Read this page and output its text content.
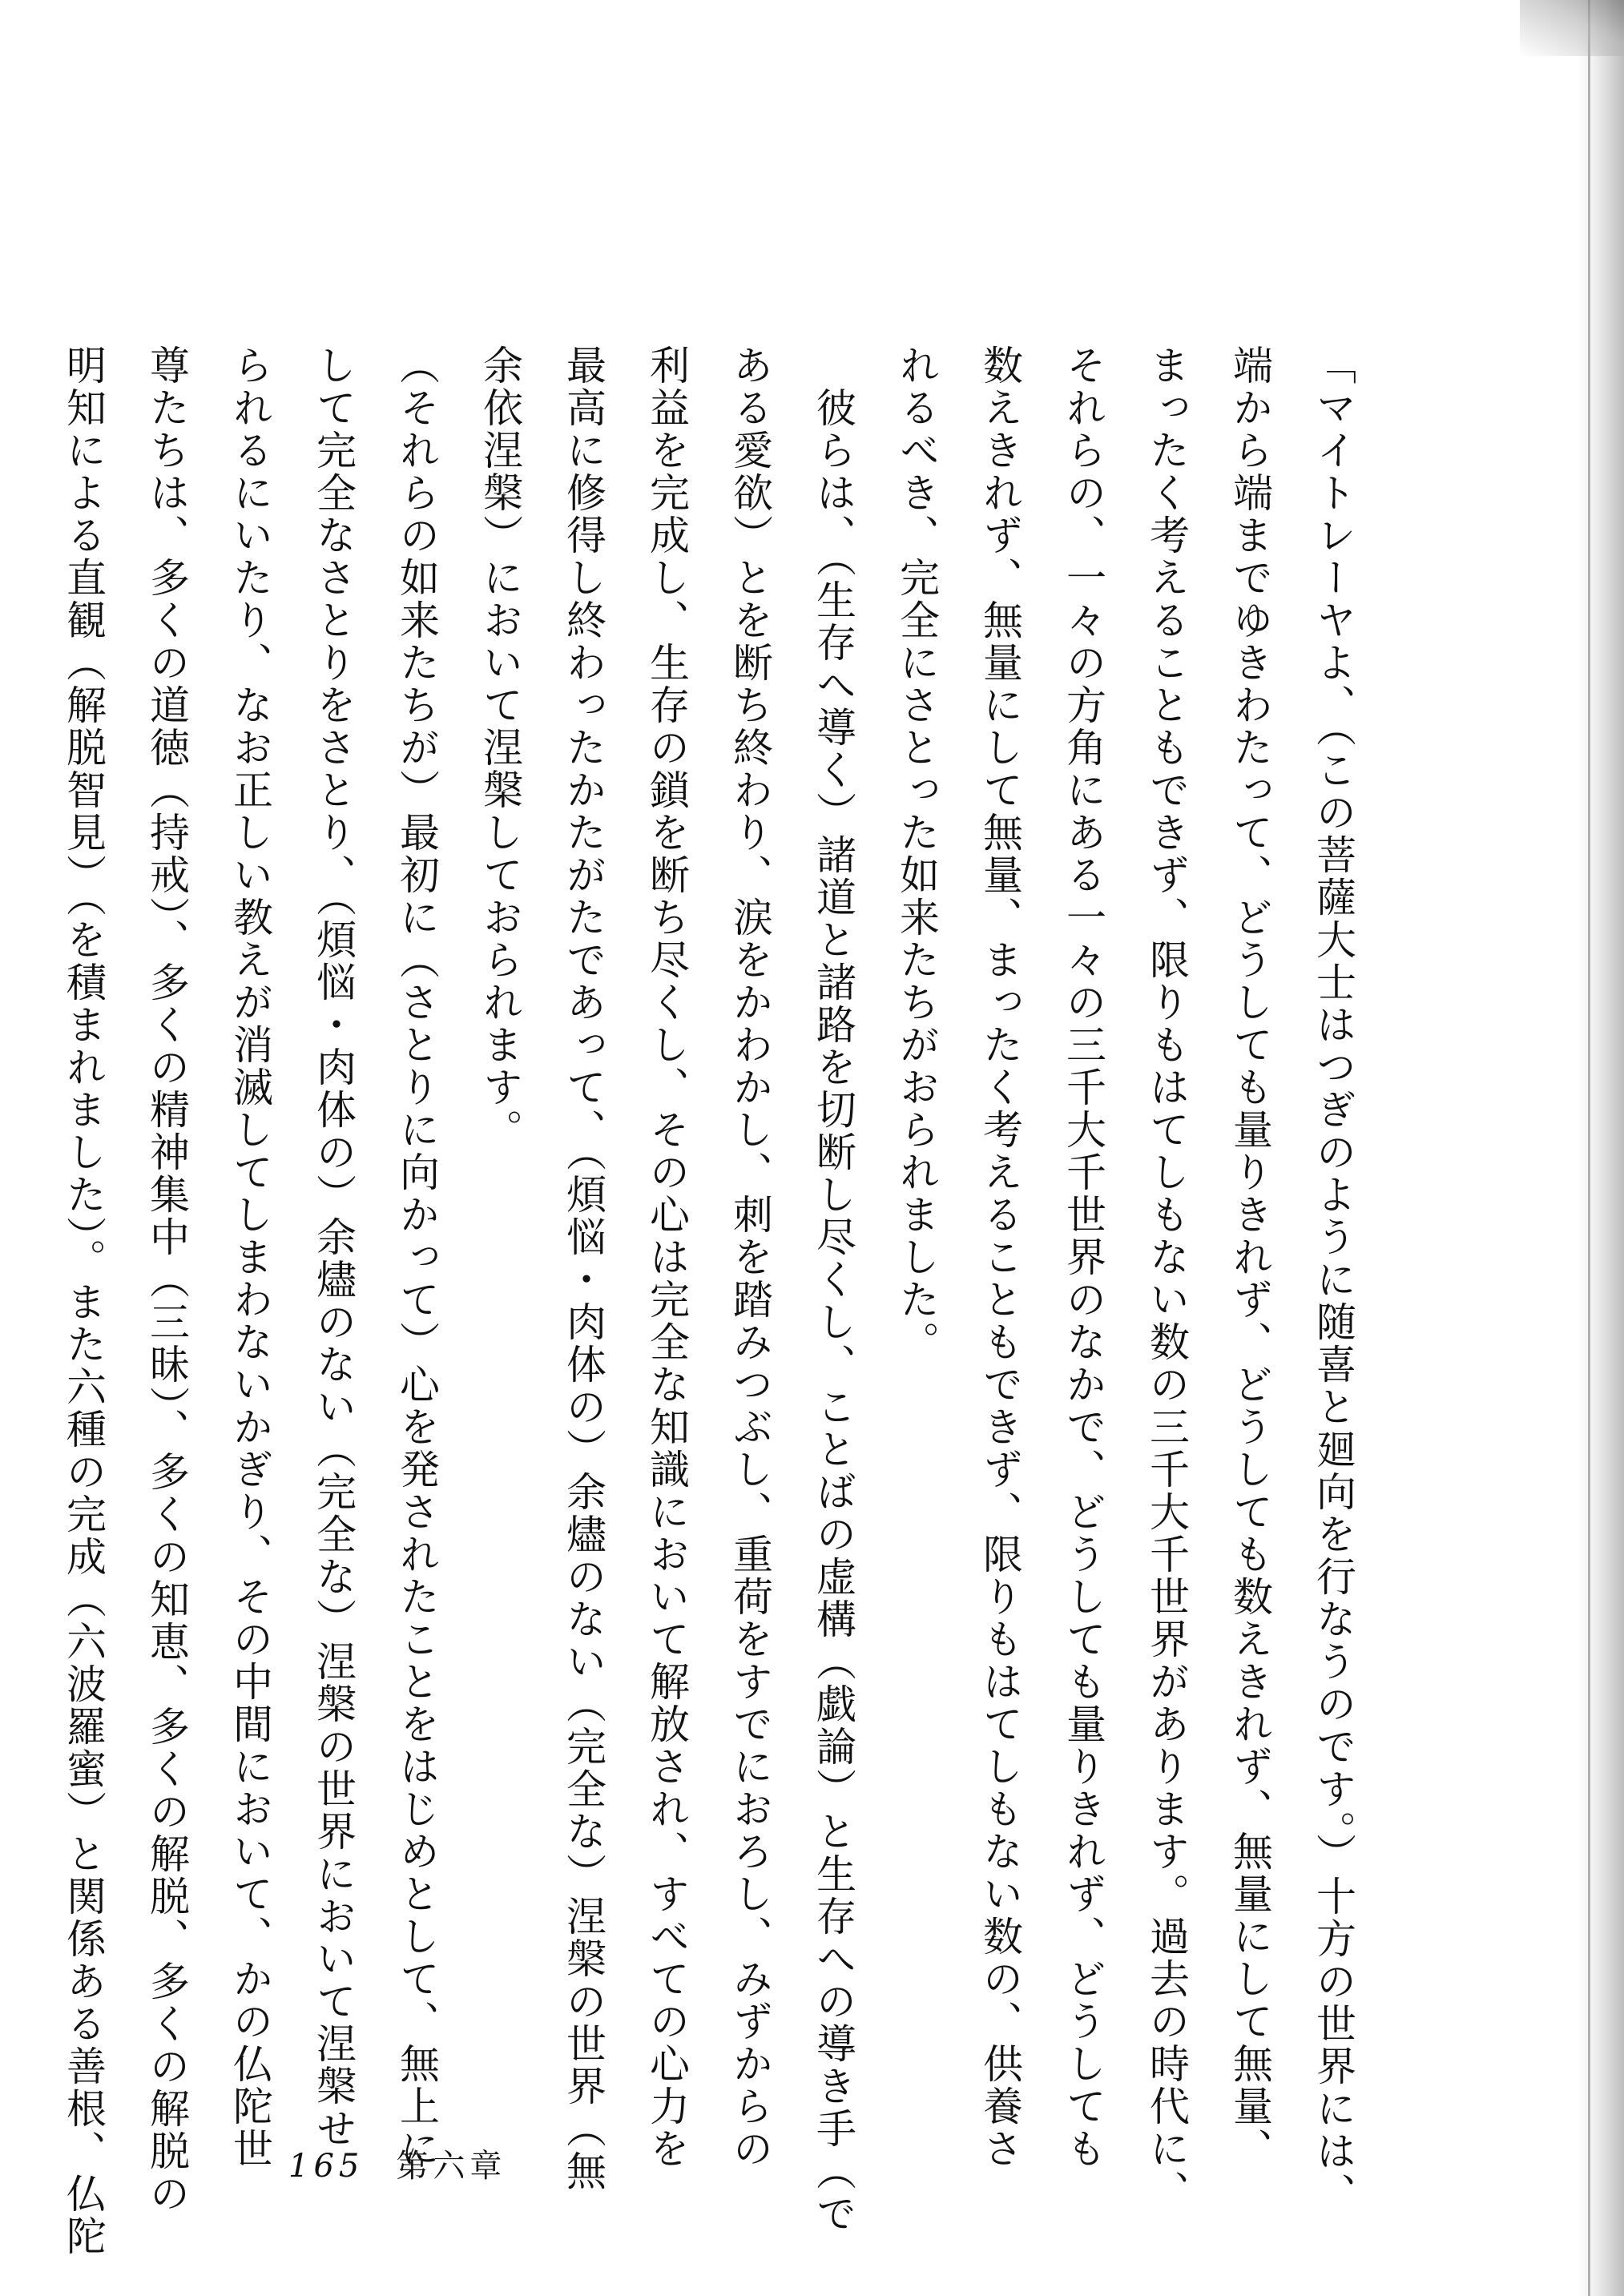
「マイトレーヤよ、（この菩薩大士はつぎのように随喜と廻向を行なうのです。）十方の世界には、

端から端までゆきわたって、どうしても量りきれず、どうしても数えきれず、無量にして無量、

まったく考えることもできず、限りもはてしもない数の三千大千世界があります。過去の時代に、

それらの、一々の方角にある一々の三千大千世界のなかで、どうしても量りきれず、どうしても

数えきれず、無量にして無量、まったく考えることもできず、限りもはてしもない数の、供養さ

れるべき、完全にさとった如来たちがおられました。

　彼らは、（生存へ導く）諸道と諸路を切断し尽くし、ことばの虚構（戯論）と生存への導き手（で

ある愛欲）とを断ち終わり、涙をかわかし、刺を踏みつぶし、重荷をすでにおろし、みずからの

利益を完成し、生存の鎖を断ち尽くし、その心は完全な知識において解放され、すべての心力を

最高に修得し終わったかたがたであって、（煩悩・肉体の）余燼のない（完全な）涅槃の世界（無

余依涅槃）において涅槃しておられます。

（それらの如来たちが）最初に（さとりに向かって）心を発されたことをはじめとして、無上に

して完全なさとりをさとり、（煩悩・肉体の）余燼のない（完全な）涅槃の世界において涅槃せ

られるにいたり、なお正しい教えが消滅してしまわないかぎり、その中間において、かの仏陀世

尊たちは、多くの道徳（持戒）、多くの精神集中（三昧）、多くの知恵、多くの解脱、多くの解脱の

明知による直観（解脱智見）（を積まれました）。また六種の完成（六波羅蜜）と関係ある善根、仏陀	165 第六章
